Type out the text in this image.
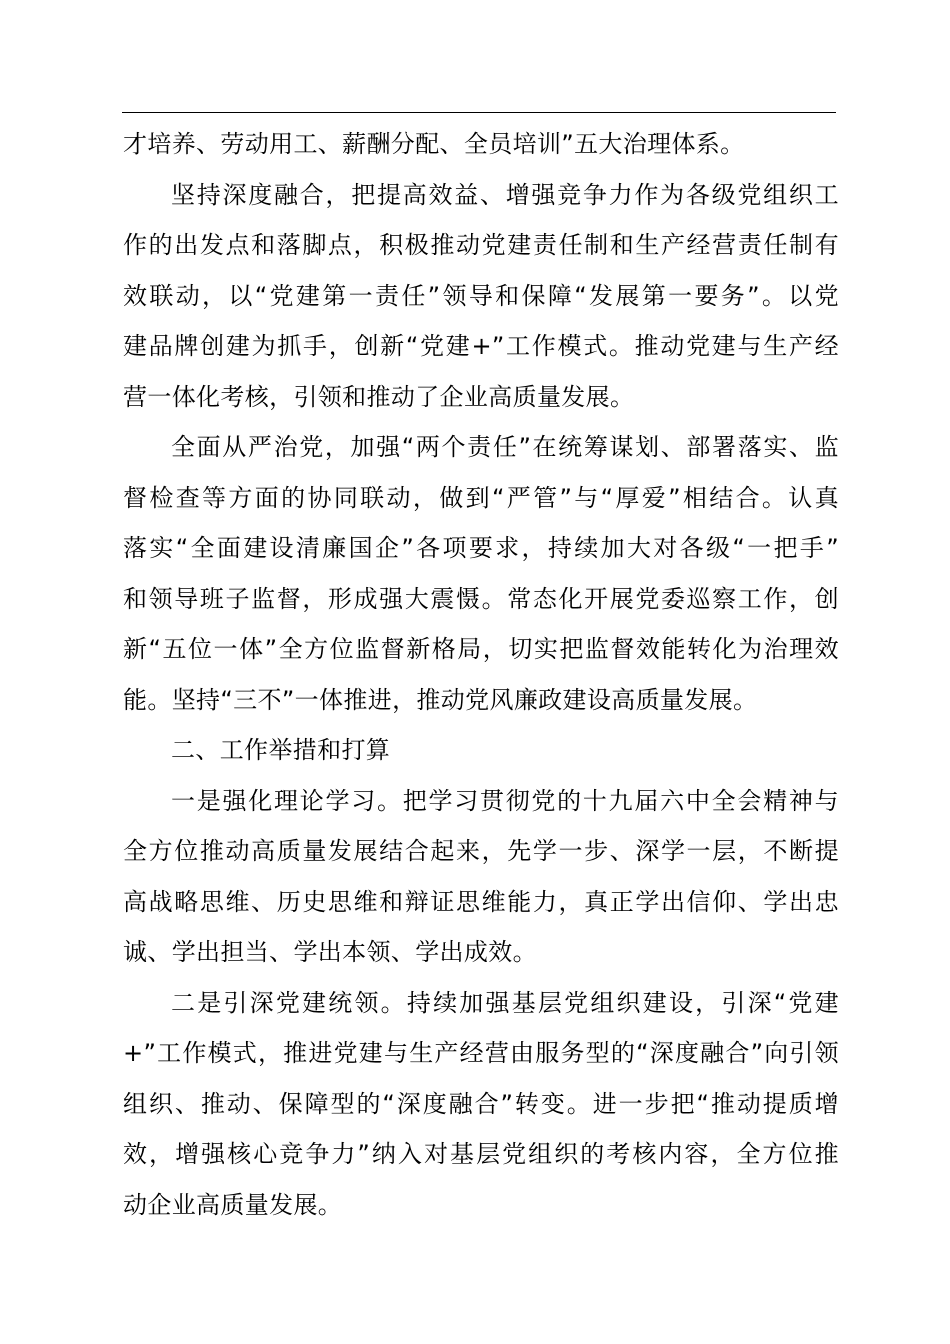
才培养、劳动用工、薪酬分配、全员培训”五大治理体系。
坚持深度融合，把提高效益、增强竞争力作为各级党组织工
作的出发点和落脚点，积极推动党建责任制和生产经营责任制有
效联动，以“党建第一责任”领导和保障“发展第一要务”。以党
建品牌创建为抓手，创新“党建+”工作模式。推动党建与生产经
营一体化考核，引领和推动了企业高质量发展。
全面从严治党，加强“两个责任”在统筹谋划、部署落实、监
督检查等方面的协同联动，做到“严管”与“厚爱”相结合。认真
落实“全面建设清廉国企”各项要求，持续加大对各级“一把手”
和领导班子监督，形成强大震慑。常态化开展党委巡察工作，创
新“五位一体”全方位监督新格局，切实把监督效能转化为治理效
能。坚持“三不”一体推进，推动党风廉政建设高质量发展。
二、工作举措和打算
一是强化理论学习。把学习贯彻党的十九届六中全会精神与
全方位推动高质量发展结合起来，先学一步、深学一层，不断提
高战略思维、历史思维和辩证思维能力，真正学出信仰、学出忠
诚、学出担当、学出本领、学出成效。
二是引深党建统领。持续加强基层党组织建设，引深“党建
+”工作模式，推进党建与生产经营由服务型的“深度融合”向引领
组织、推动、保障型的“深度融合”转变。进一步把“推动提质增
效，增强核心竞争力”纳入对基层党组织的考核内容，全方位推
动企业高质量发展。
